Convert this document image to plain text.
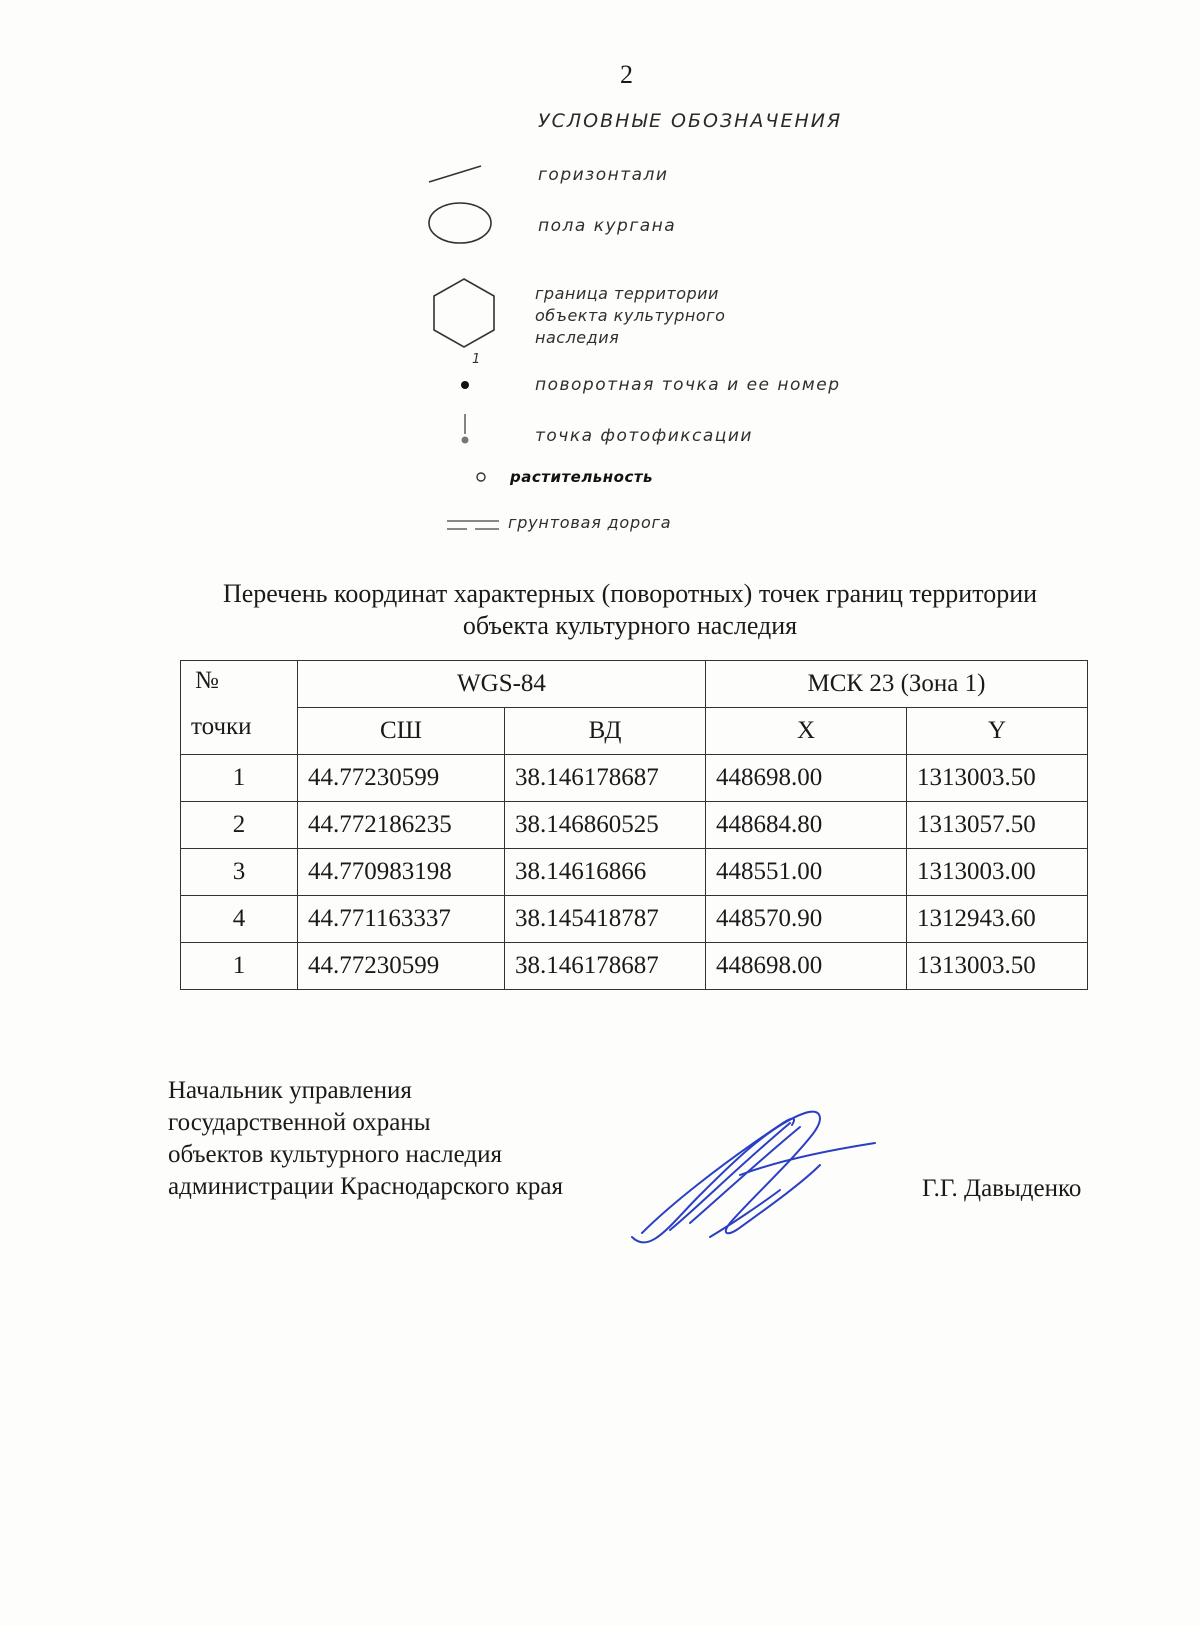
2
УСЛОВНЫЕ ОБОЗНАЧЕНИЯ
горизонтали
пола кургана
граница территории
объекта культурного
наследия
1
поворотная точка и ее номер
точка фотофиксации
растительность
грунтовая дорога
Перечень координат характерных (поворотных) точек границ территории
объекта культурного наследия
№
точки	WGS-84		МСК 23 (Зона 1)	
	СШ	ВД	X	Y
1	44.77230599	38.146178687	448698.00	1313003.50
2	44.772186235	38.146860525	448684.80	1313057.50
3	44.770983198	38.14616866	448551.00	1313003.00
4	44.771163337	38.145418787	448570.90	1312943.60
1	44.77230599	38.146178687	448698.00	1313003.50
Начальник управления
государственной охраны
объектов культурного наследия
администрации Краснодарского края	Г.Г. Давыденко
